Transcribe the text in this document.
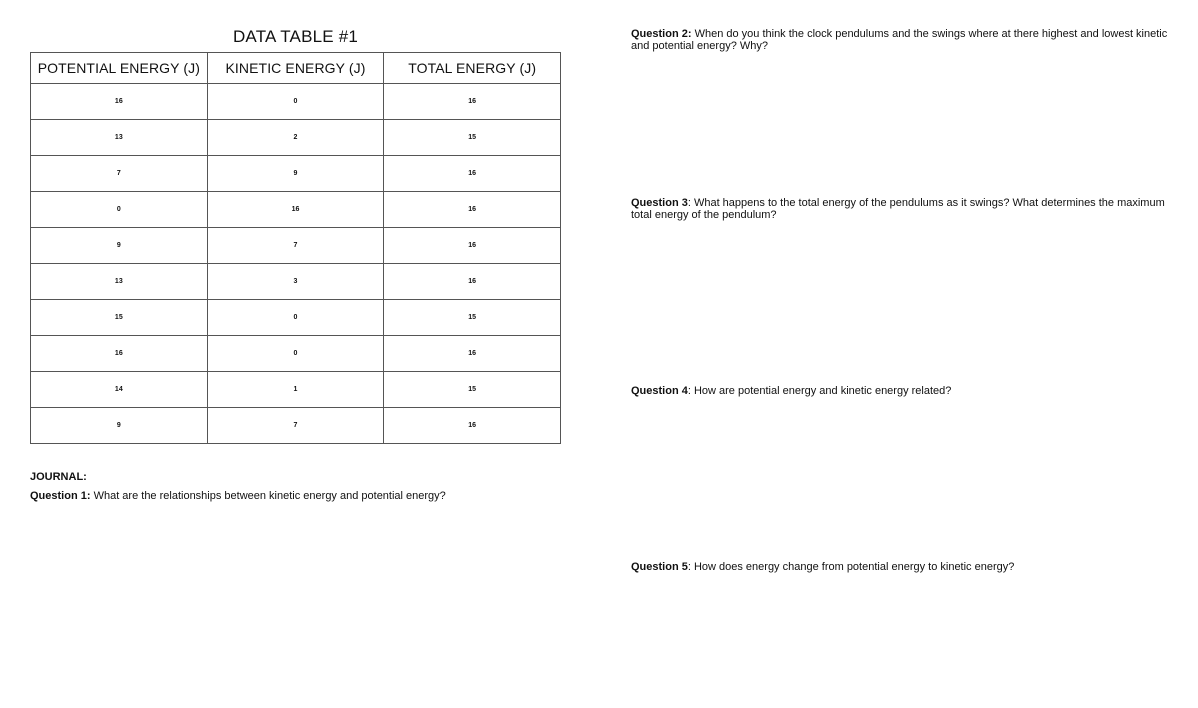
DATA TABLE #1
POTENTIAL ENERGY (J)	KINETIC ENERGY (J)	TOTAL ENERGY (J)
16	0	16
13	2	15
7	9	16
0	16	16
9	7	16
13	3	16
15	0	15
16	0	16
14	1	15
9	7	16
JOURNAL:
Question 1: What are the relationships between kinetic energy and potential energy?
Question 2: When do you think the clock pendulums and the swings where at there highest and lowest kinetic and potential energy? Why?
Question 3: What happens to the total energy of the pendulums as it swings? What determines the maximum total energy of the pendulum?
Question 4: How are potential energy and kinetic energy related?
Question 5: How does energy change from potential energy to kinetic energy?
